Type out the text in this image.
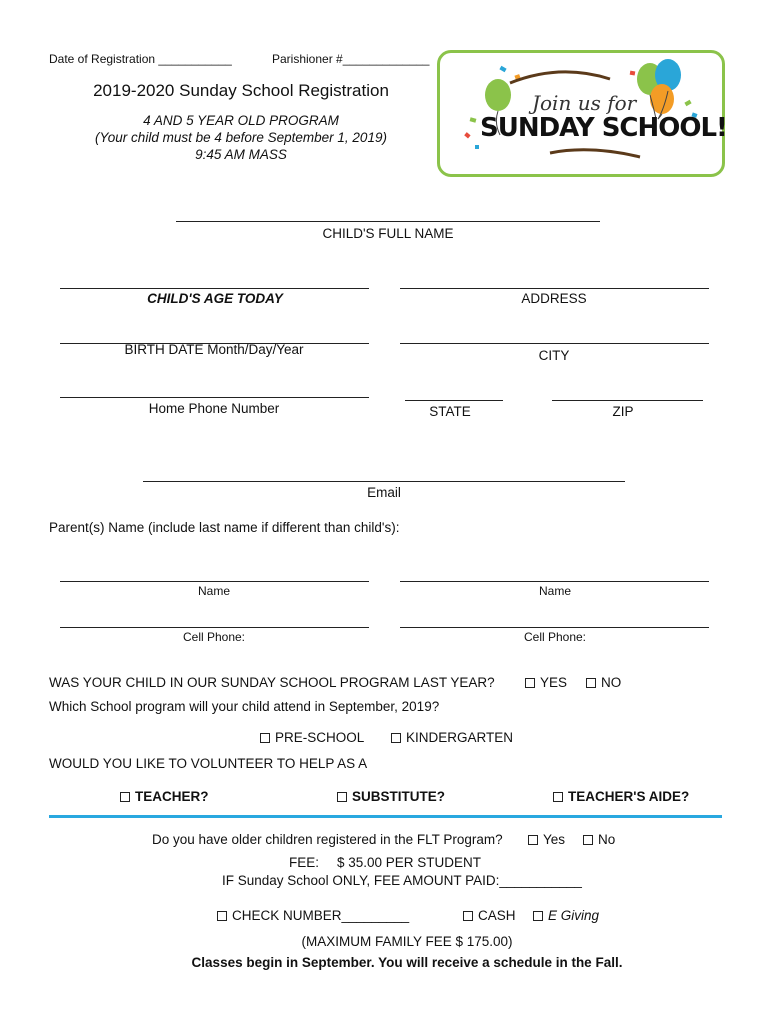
Date of Registration ___________	Parishioner #_____________
2019-2020 Sunday School Registration
4 AND 5 YEAR OLD PROGRAM
(Your child must be 4 before September 1, 2019)
9:45 AM MASS
Join us for
SUNDAY SCHOOL!
CHILD'S FULL NAME
CHILD'S AGE TODAY	ADDRESS
BIRTH DATE Month/Day/Year	CITY
Home Phone Number	STATE	ZIP
Email
Parent(s) Name (include last name if different than child's):
Name	Name
Cell Phone:	Cell Phone:
WAS YOUR CHILD IN OUR SUNDAY SCHOOL PROGRAM LAST YEAR?	YES	NO
Which School program will your child attend in September, 2019?
PRE-SCHOOL	KINDERGARTEN
WOULD YOU LIKE TO VOLUNTEER TO HELP AS A
TEACHER?	SUBSTITUTE?	TEACHER'S AIDE?
Do you have older children registered in the FLT Program?	Yes	No
FEE: $ 35.00 PER STUDENT
IF Sunday School ONLY, FEE AMOUNT PAID:___________
CHECK NUMBER_________	CASH	E Giving
(MAXIMUM FAMILY FEE $ 175.00)
Classes begin in September. You will receive a schedule in the Fall.
